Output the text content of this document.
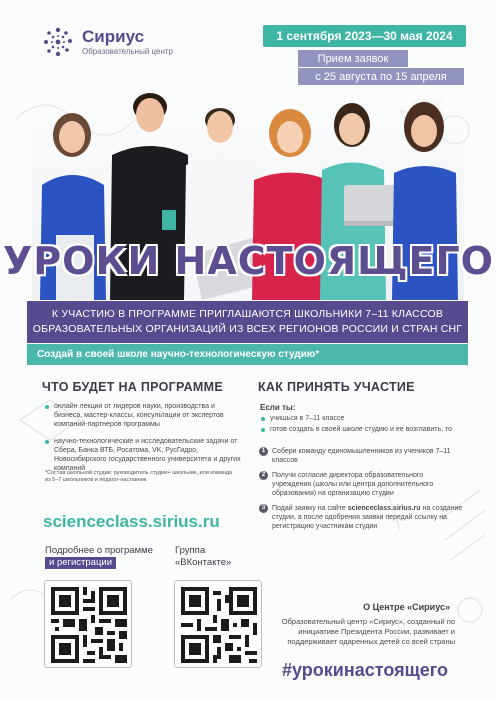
Сириус
Образовательный центр
1 сентября 2023—30 мая 2024
Прием заявок
с 25 августа по 15 апреля
УРОКИ НАСТОЯЩЕГО
К УЧАСТИЮ В ПРОГРАММЕ ПРИГЛАШАЮТСЯ ШКОЛЬНИКИ 7–11 КЛАССОВ
ОБРАЗОВАТЕЛЬНЫХ ОРГАНИЗАЦИЙ ИЗ ВСЕХ РЕГИОНОВ РОССИИ И СТРАН СНГ
Создай в своей школе научно-технологическую студию*
ЧТО БУДЕТ НА ПРОГРАММЕ
онлайн лекции от лидеров науки, производства и бизнеса, мастер-классы, консультации от экспертов компаний-партнеров программы
научно-технологические и исследовательские задачи от Сбера, Банка ВТБ, Росатома, VK, РусГидро, Новосибирского государственного университета и других компаний
*Состав школьной студии: руководитель студии+ школьник, или команда из 5–7 школьников и педагог-наставник
scienceclass.sirius.ru
Подробнее о программе
и регистрации
Группа
«ВКонтакте»
КАК ПРИНЯТЬ УЧАСТИЕ
Если ты:
учишься в 7–11 классе
готов создать в своей школе студию и ее возглавить, то
1 Собери команду единомышленников из учеников 7–11 классов
2 Получи согласие директора образовательного учреждения (школы или центра дополнительного образования) на организацию студии
3 Подай заявку на сайте scienceclass.sirius.ru на создание студии, а после одобрения заявки передай ссылку на регистрацию участникам студии
О Центре «Сириус»
Образовательный центр «Сириус», созданный по инициативе Президента России, развивает и поддерживает одаренных детей со всей страны
#урокинастоящего
